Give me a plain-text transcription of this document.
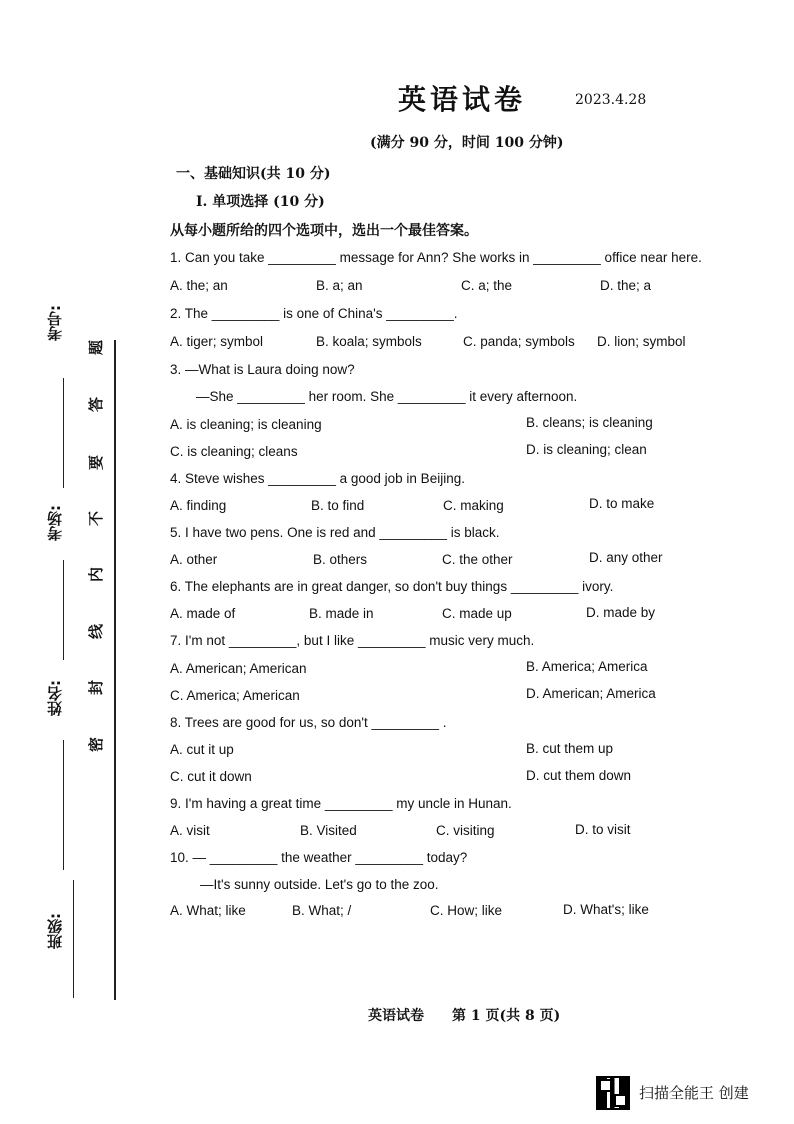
英语试卷	2023.4.28
(满分 90 分，时间 100 分钟)
一、基础知识(共 10 分)
I. 单项选择 (10 分)
从每小题所给的四个选项中，选出一个最佳答案。
1. Can you take _________ message for Ann? She works in _________ office near here.
A. the; an	B. a; an	C. a; the	D. the; a
2. The _________ is one of China's _________.
A. tiger; symbol	B. koala; symbols	C. panda; symbols D. lion; symbol
3. —What is Laura doing now?
—She _________ her room. She _________ it every afternoon.
A. is cleaning; is cleaning	B. cleans; is cleaning
C. is cleaning; cleans	D. is cleaning; clean
4. Steve wishes _________ a good job in Beijing.
A. finding	B. to find	C. making	D. to make
5. I have two pens. One is red and _________ is black.
A. other	B. others	C. the other	D. any other
6. The elephants are in great danger, so don't buy things _________ ivory.
A. made of	B. made in	C. made up	D. made by
7. I'm not _________, but I like _________ music very much.
A. American; American	B. America; America
C. America; American	D. American; America
8. Trees are good for us, so don't _________ .
A. cut it up	B. cut them up
C. cut it down	D. cut them down
9. I'm having a great time _________ my uncle in Hunan.
A. visit	B. Visited	C. visiting	D. to visit
10. — _________ the weather _________ today?
—It's sunny outside. Let's go to the zoo.
A. What; like	B. What; /	C. How; like	D. What's; like
考号:
考场:
姓名:
班级:
题
答
要
不
内
线
封
密
英语试卷 第 1 页(共 8 页)
扫描全能王 创建
